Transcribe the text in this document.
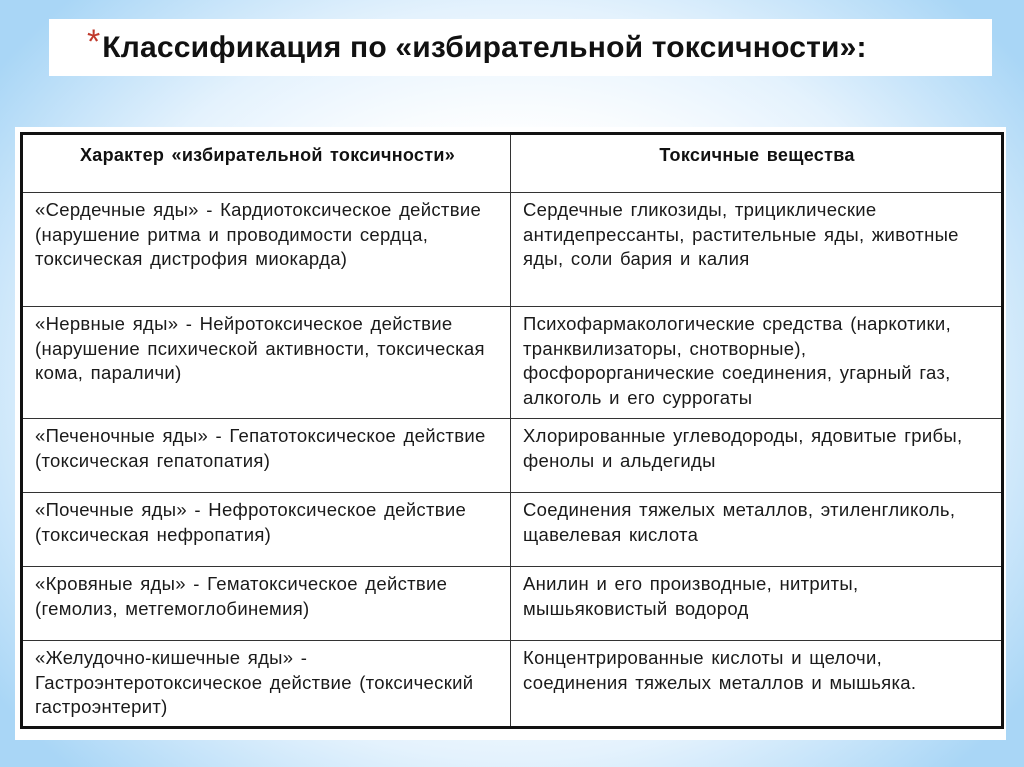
* Классификация по «избирательной токсичности»:
Характер «избирательной токсичности»	Токсичные вещества
«Сердечные яды» - Кардиотоксическое действие (нарушение ритма и проводимости сердца, токсическая дистрофия миокарда)	Сердечные гликозиды, трициклические антидепрессанты, растительные яды, животные яды, соли бария и калия
«Нервные яды» - Нейротоксическое действие (нарушение психической активности, токсическая кома, параличи)	Психофармакологические средства (наркотики, транквилизаторы, снотворные), фосфорорганические соединения, угарный газ, алкоголь и его суррогаты
«Печеночные яды» - Гепатотоксическое действие (токсическая гепатопатия)	Хлорированные углеводороды, ядовитые грибы, фенолы и альдегиды
«Почечные яды» - Нефротоксическое действие (токсическая нефропатия)	Соединения тяжелых металлов, этиленгликоль, щавелевая кислота
«Кровяные яды» - Гематоксическое действие (гемолиз, метгемоглобинемия)	Анилин и его производные, нитриты, мышьяковистый водород
«Желудочно-кишечные яды» - Гастроэнтеротоксическое действие (токсический гастроэнтерит)	Концентрированные кислоты и щелочи, соединения тяжелых металлов и мышьяка.
